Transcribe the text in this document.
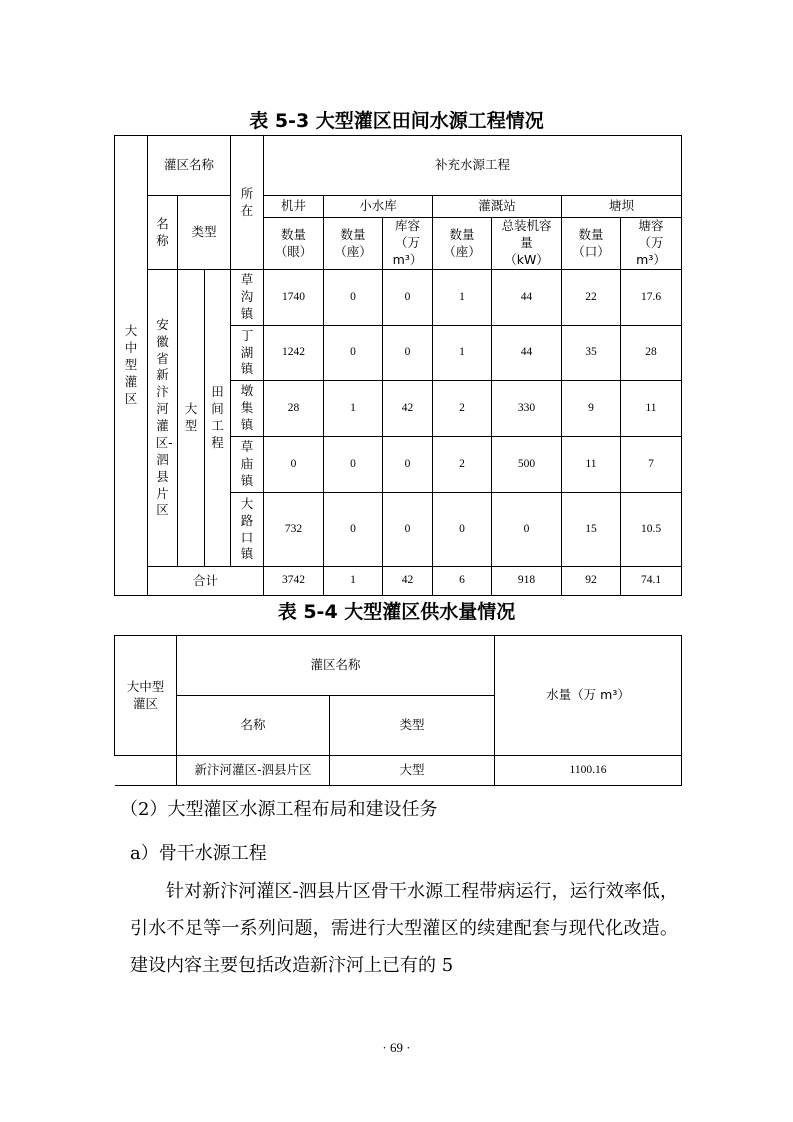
表 5-3 大型灌区田间水源工程情况
大中型灌区	灌区名称			所在	补充水源工程						
	名称	类型			机井	小水库		灌溉站		塘坝	
					数量（眼）	数量（座）	库容（万m³）	数量（座）	总装机容量（kW）	数量（口）	塘容（万m³）
	安徽省新汴河灌区-泗县片区	大型	田间工程	草沟镇	1740	0	0	1	44	22	17.6
				丁湖镇	1242	0	0	1	44	35	28
				墩集镇	28	1	42	2	330	9	11
				草庙镇	0	0	0	2	500	11	7
				大路口镇	732	0	0	0	0	15	10.5
	合计				3742	1	42	6	918	92	74.1
表 5-4 大型灌区供水量情况
大中型灌区	灌区名称		水量（万 m³）
	名称	类型	
	新汴河灌区-泗县片区	大型	1100.16
（2）大型灌区水源工程布局和建设任务
a）骨干水源工程
针对新汴河灌区-泗县片区骨干水源工程带病运行，运行效率低，引水不足等一系列问题，需进行大型灌区的续建配套与现代化改造。建设内容主要包括改造新汴河上已有的 5
· 69 ·
